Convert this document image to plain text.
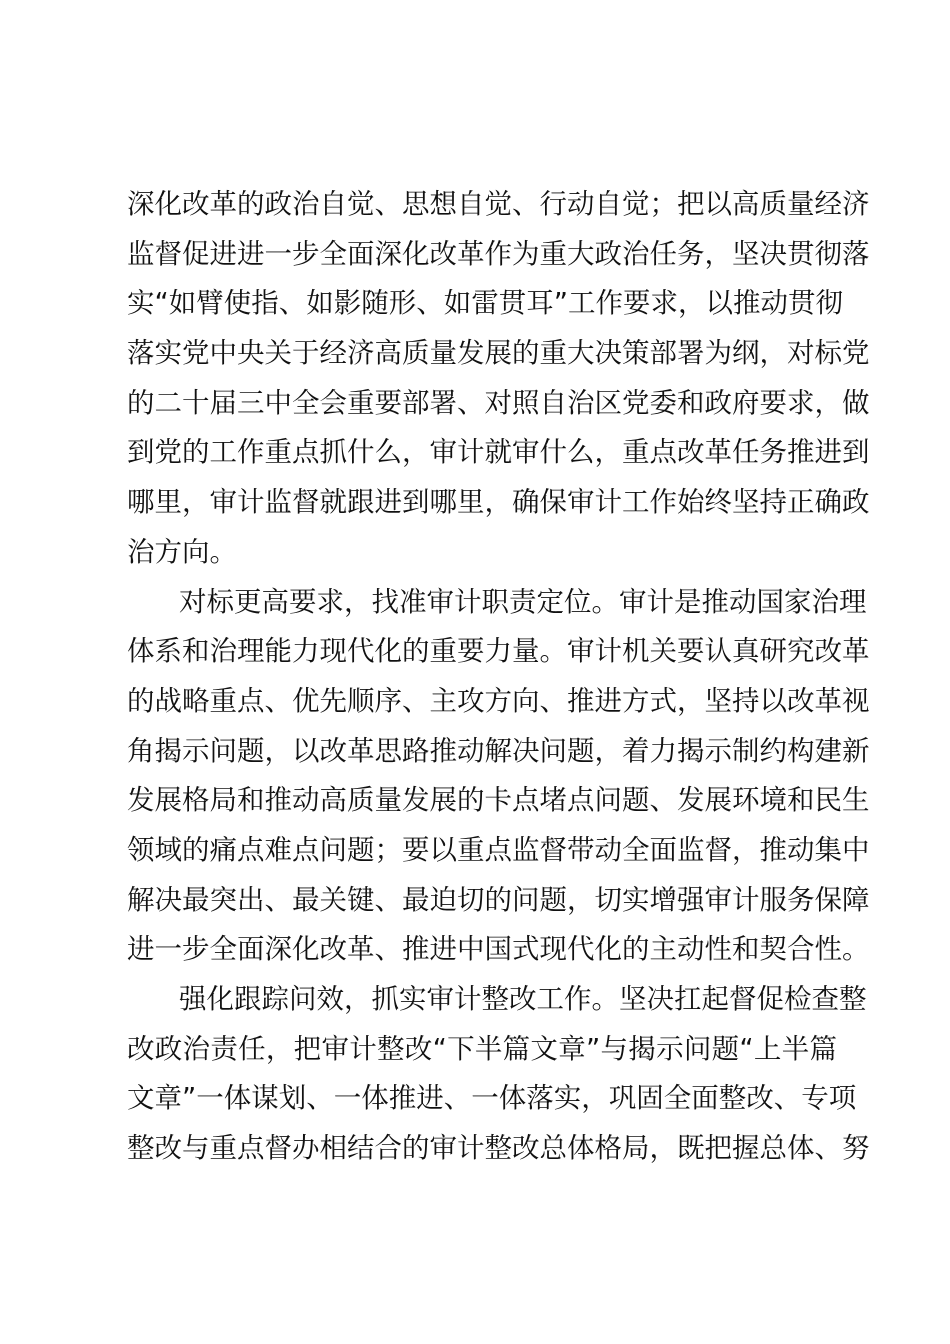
深化改革的政治自觉、思想自觉、行动自觉；把以高质量经济
监督促进进一步全面深化改革作为重大政治任务，坚决贯彻落
实“如臂使指、如影随形、如雷贯耳”工作要求，以推动贯彻
落实党中央关于经济高质量发展的重大决策部署为纲，对标党
的二十届三中全会重要部署、对照自治区党委和政府要求，做
到党的工作重点抓什么，审计就审什么，重点改革任务推进到
哪里，审计监督就跟进到哪里，确保审计工作始终坚持正确政
治方向。
对标更高要求，找准审计职责定位。审计是推动国家治理
体系和治理能力现代化的重要力量。审计机关要认真研究改革
的战略重点、优先顺序、主攻方向、推进方式，坚持以改革视
角揭示问题，以改革思路推动解决问题，着力揭示制约构建新
发展格局和推动高质量发展的卡点堵点问题、发展环境和民生
领域的痛点难点问题；要以重点监督带动全面监督，推动集中
解决最突出、最关键、最迫切的问题，切实增强审计服务保障
进一步全面深化改革、推进中国式现代化的主动性和契合性。
强化跟踪问效，抓实审计整改工作。坚决扛起督促检查整
改政治责任，把审计整改“下半篇文章”与揭示问题“上半篇
文章”一体谋划、一体推进、一体落实，巩固全面整改、专项
整改与重点督办相结合的审计整改总体格局，既把握总体、努
